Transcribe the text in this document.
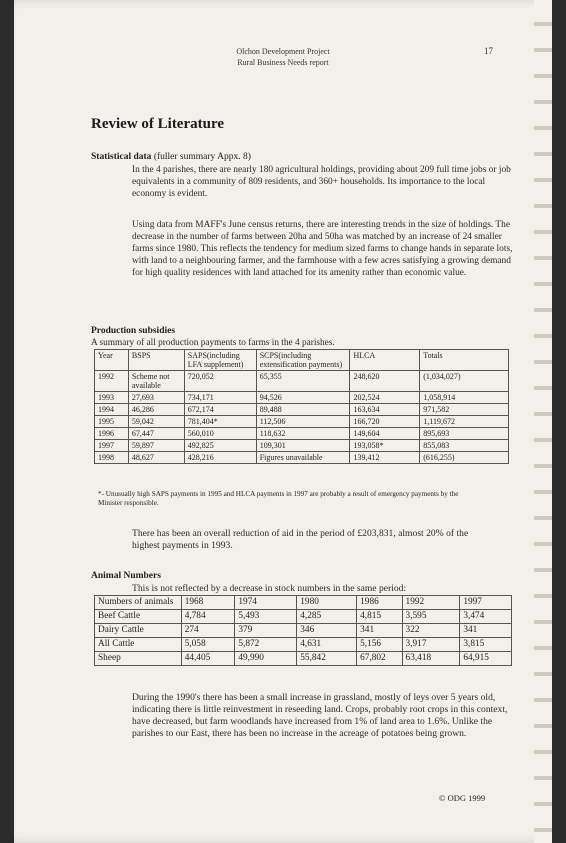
Olchon Development Project
Rural Business Needs report
17
Review of Literature
Statistical data (fuller summary Appx. 8)
In the 4 parishes, there are nearly 180 agricultural holdings, providing about 209 full time jobs or job equivalents in a community of 809 residents, and 360+ households. Its importance to the local economy is evident.
Using data from MAFF's June census returns, there are interesting trends in the size of holdings. The decrease in the number of farms between 20ha and 50ha was matched by an increase of 24 smaller farms since 1980. This reflects the tendency for medium sized farms to change hands in separate lots, with land to a neighbouring farmer, and the farmhouse with a few acres satisfying a growing demand for high quality residences with land attached for its amenity rather than economic value.
Production subsidies
A summary of all production payments to farms in the 4 parishes.
Year	BSPS	SAPS(including LFA supplement)	SCPS(including extensification payments)	HLCA	Totals
1992	Scheme not available	720,052	65,355	248,620	(1,034,027)
1993	27,693	734,171	94,526	202,524	1,058,914
1994	46,286	672,174	89,488	163,634	971,582
1995	59,042	781,404*	112,506	166,720	1,119,672
1996	67,447	560,010	118,632	149,604	895,693
1997	59,897	492,825	109,301	193,058*	855,083
1998	48,627	428,216	Figures unavailable	139,412	(616,255)
*- Unusually high SAPS payments in 1995 and HLCA payments in 1997 are probably a result of emergency payments by the Minister responsible.
There has been an overall reduction of aid in the period of £203,831, almost 20% of the highest payments in 1993.
Animal Numbers
This is not reflected by a decrease in stock numbers in the same period:
Numbers of animals	1968	1974	1980	1986	1992	1997
Beef Cattle	4,784	5,493	4,285	4,815	3,595	3,474
Dairy Cattle	274	379	346	341	322	341
All Cattle	5,058	5,872	4,631	5,156	3,917	3,815
Sheep	44,405	49,990	55,842	67,802	63,418	64,915
During the 1990's there has been a small increase in grassland, mostly of leys over 5 years old, indicating there is little reinvestment in reseeding land. Crops, probably root crops in this context, have decreased, but farm woodlands have increased from 1% of land area to 1.6%. Unlike the parishes to our East, there has been no increase in the acreage of potatoes being grown.
© ODG 1999
